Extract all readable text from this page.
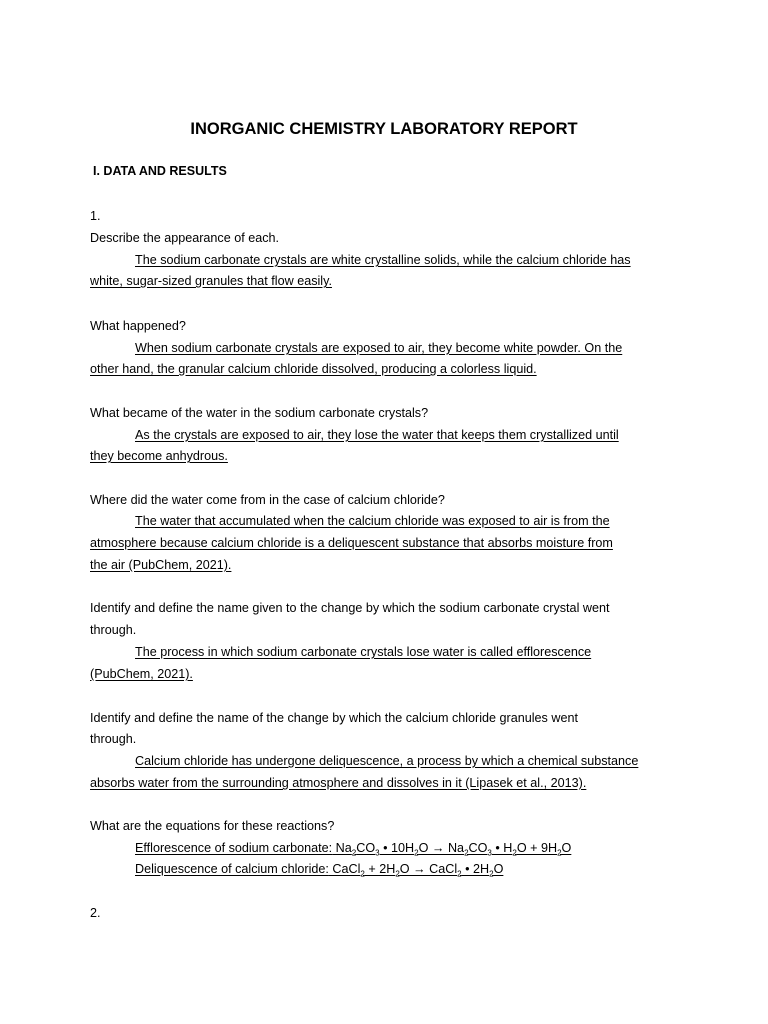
INORGANIC CHEMISTRY LABORATORY REPORT
I. DATA AND RESULTS
1.
Describe the appearance of each.
The sodium carbonate crystals are white crystalline solids, while the calcium chloride has
white, sugar-sized granules that flow easily.
What happened?
When sodium carbonate crystals are exposed to air, they become white powder. On the
other hand, the granular calcium chloride dissolved, producing a colorless liquid.
What became of the water in the sodium carbonate crystals?
As the crystals are exposed to air, they lose the water that keeps them crystallized until
they become anhydrous.
Where did the water come from in the case of calcium chloride?
The water that accumulated when the calcium chloride was exposed to air is from the
atmosphere because calcium chloride is a deliquescent substance that absorbs moisture from
the air (PubChem, 2021).
Identify and define the name given to the change by which the sodium carbonate crystal went
through.
The process in which sodium carbonate crystals lose water is called efflorescence
(PubChem, 2021).
Identify and define the name of the change by which the calcium chloride granules went
through.
Calcium chloride has undergone deliquescence, a process by which a chemical substance
absorbs water from the surrounding atmosphere and dissolves in it (Lipasek et al., 2013).
What are the equations for these reactions?
Efflorescence of sodium carbonate: $Na_2CO_3$ • $10H_2O \to Na_2CO_3$ • $H_2O + 9H_2O$
Deliquescence of calcium chloride: CaCl$_2$ + $2H_2O$ → CaCl$_2$ • $2H_2O$
2.
